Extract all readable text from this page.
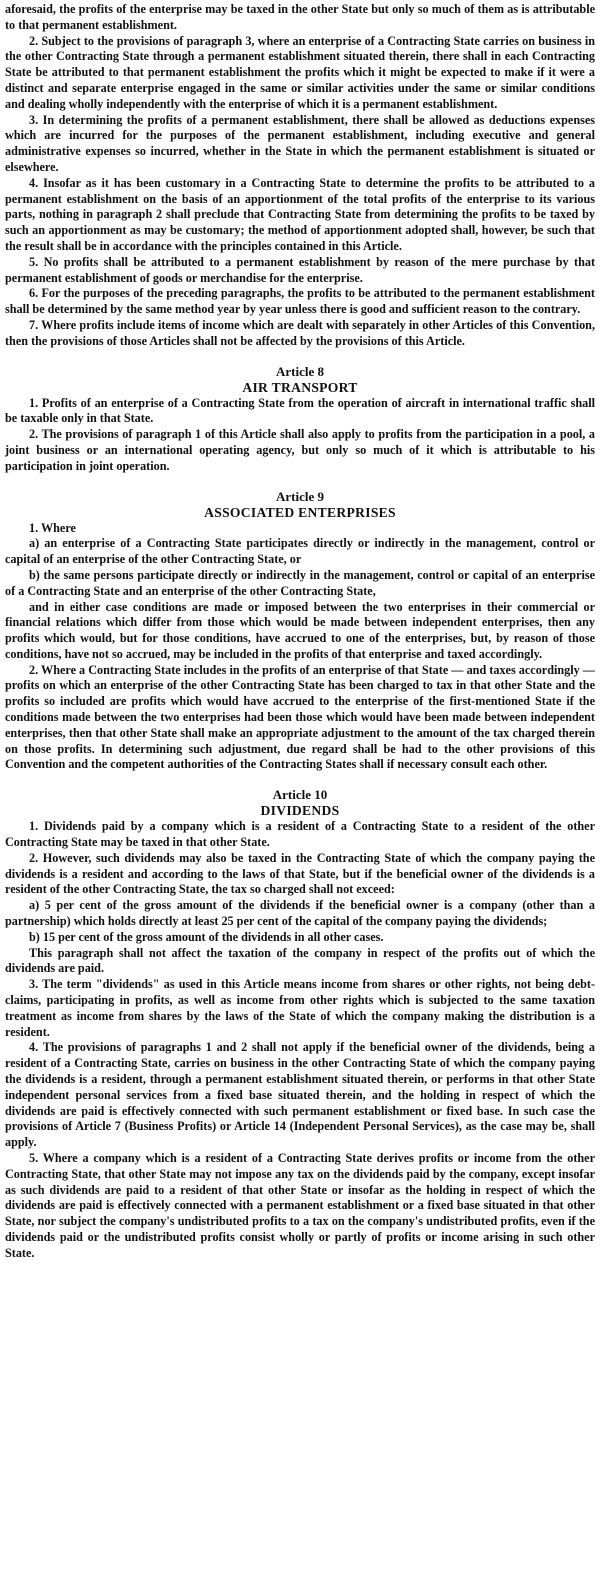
aforesaid, the profits of the enterprise may be taxed in the other State but only so much of them as is attributable to that permanent establishment.

2. Subject to the provisions of paragraph 3, where an enterprise of a Contracting State carries on business in the other Contracting State through a permanent establishment situated therein, there shall in each Contracting State be attributed to that permanent establishment the profits which it might be expected to make if it were a distinct and separate enterprise engaged in the same or similar activities under the same or similar conditions and dealing wholly independently with the enterprise of which it is a permanent establishment.

3. In determining the profits of a permanent establishment, there shall be allowed as deductions expenses which are incurred for the purposes of the permanent establishment, including executive and general administrative expenses so incurred, whether in the State in which the permanent establishment is situated or elsewhere.

4. Insofar as it has been customary in a Contracting State to determine the profits to be attributed to a permanent establishment on the basis of an apportionment of the total profits of the enterprise to its various parts, nothing in paragraph 2 shall preclude that Contracting State from determining the profits to be taxed by such an apportionment as may be customary; the method of apportionment adopted shall, however, be such that the result shall be in accordance with the principles contained in this Article.

5. No profits shall be attributed to a permanent establishment by reason of the mere purchase by that permanent establishment of goods or merchandise for the enterprise.

6. For the purposes of the preceding paragraphs, the profits to be attributed to the permanent establishment shall be determined by the same method year by year unless there is good and sufficient reason to the contrary.

7. Where profits include items of income which are dealt with separately in other Articles of this Convention, then the provisions of those Articles shall not be affected by the provisions of this Article.

Article 8
AIR TRANSPORT

1. Profits of an enterprise of a Contracting State from the operation of aircraft in international traffic shall be taxable only in that State.

2. The provisions of paragraph 1 of this Article shall also apply to profits from the participation in a pool, a joint business or an international operating agency, but only so much of it which is attributable to his participation in joint operation.

Article 9
ASSOCIATED ENTERPRISES

1. Where

a) an enterprise of a Contracting State participates directly or indirectly in the management, control or capital of an enterprise of the other Contracting State, or

b) the same persons participate directly or indirectly in the management, control or capital of an enterprise of a Contracting State and an enterprise of the other Contracting State,

and in either case conditions are made or imposed between the two enterprises in their commercial or financial relations which differ from those which would be made between independent enterprises, then any profits which would, but for those conditions, have accrued to one of the enterprises, but, by reason of those conditions, have not so accrued, may be included in the profits of that enterprise and taxed accordingly.

2. Where a Contracting State includes in the profits of an enterprise of that State — and taxes accordingly — profits on which an enterprise of the other Contracting State has been charged to tax in that other State and the profits so included are profits which would have accrued to the enterprise of the first-mentioned State if the conditions made between the two enterprises had been those which would have been made between independent enterprises, then that other State shall make an appropriate adjustment to the amount of the tax charged therein on those profits. In determining such adjustment, due regard shall be had to the other provisions of this Convention and the competent authorities of the Contracting States shall if necessary consult each other.

Article 10
DIVIDENDS

1. Dividends paid by a company which is a resident of a Contracting State to a resident of the other Contracting State may be taxed in that other State.

2. However, such dividends may also be taxed in the Contracting State of which the company paying the dividends is a resident and according to the laws of that State, but if the beneficial owner of the dividends is a resident of the other Contracting State, the tax so charged shall not exceed:

a) 5 per cent of the gross amount of the dividends if the beneficial owner is a company (other than a partnership) which holds directly at least 25 per cent of the capital of the company paying the dividends;

b) 15 per cent of the gross amount of the dividends in all other cases.

This paragraph shall not affect the taxation of the company in respect of the profits out of which the dividends are paid.

3. The term "dividends" as used in this Article means income from shares or other rights, not being debt-claims, participating in profits, as well as income from other rights which is subjected to the same taxation treatment as income from shares by the laws of the State of which the company making the distribution is a resident.

4. The provisions of paragraphs 1 and 2 shall not apply if the beneficial owner of the dividends, being a resident of a Contracting State, carries on business in the other Contracting State of which the company paying the dividends is a resident, through a permanent establishment situated therein, or performs in that other State independent personal services from a fixed base situated therein, and the holding in respect of which the dividends are paid is effectively connected with such permanent establishment or fixed base. In such case the provisions of Article 7 (Business Profits) or Article 14 (Independent Personal Services), as the case may be, shall apply.

5. Where a company which is a resident of a Contracting State derives profits or income from the other Contracting State, that other State may not impose any tax on the dividends paid by the company, except insofar as such dividends are paid to a resident of that other State or insofar as the holding in respect of which the dividends are paid is effectively connected with a permanent establishment or a fixed base situated in that other State, nor subject the company's undistributed profits to a tax on the company's undistributed profits, even if the dividends paid or the undistributed profits consist wholly or partly of profits or income arising in such other State.
